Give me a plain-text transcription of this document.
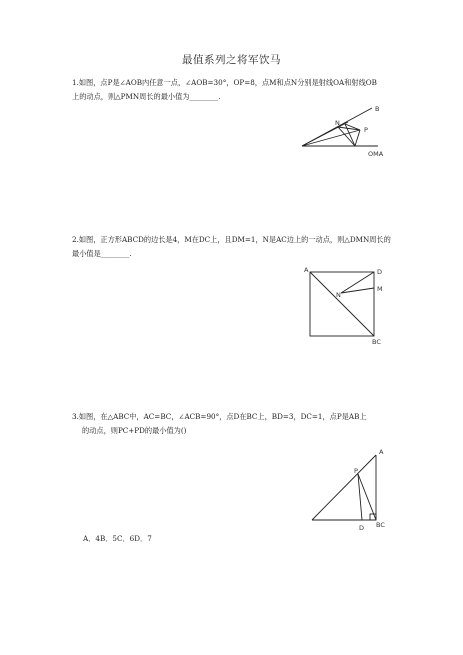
最值系列之将军饮马
1.如图，点P是∠AOB内任意一点，∠AOB=30°，OP=8，点M和点N分别是射线OA和射线OB
上的动点，则△PMN周长的最小值为________.
B
N
P
OMA
2.如图，正方形ABCD的边长是4，M在DC上，且DM=1，N是AC边上的一动点，则△DMN周长的
最小值是________.
A	D
M
N
BC
3.如图，在△ABC中，AC=BC，∠ACB=90°，点D在BC上，BD=3，DC=1，点P是AB上
的动点，则PC+PD的最小值为()
A
P
D BC
A．4B．5C．6D．7
